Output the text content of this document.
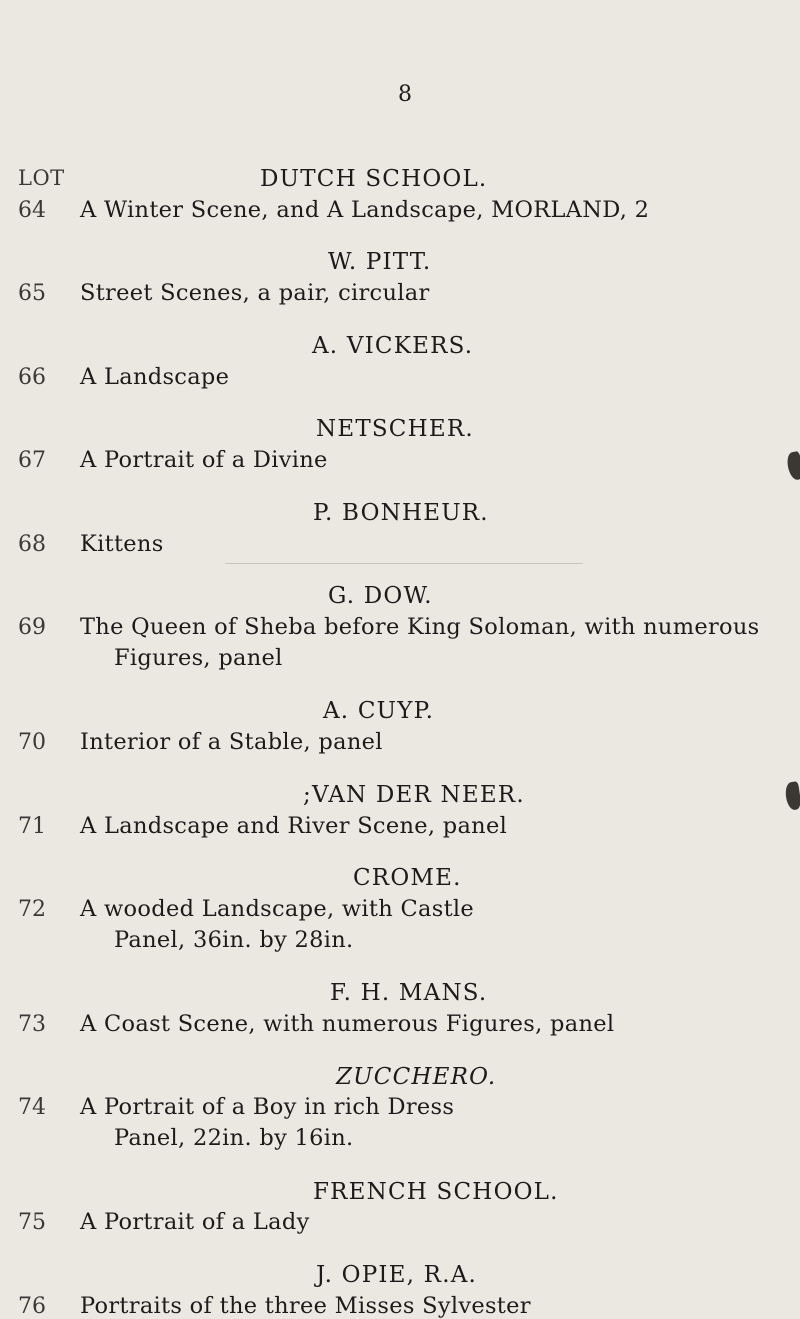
8
LOT	DUTCH SCHOOL.
64 A Winter Scene, and A Landscape, MORLAND, 2
W. PITT.
65 Street Scenes, a pair, circular
A. VICKERS.
66 A Landscape
NETSCHER.
67 A Portrait of a Divine
P. BONHEUR.
68 Kittens
G. DOW.
69 The Queen of Sheba before King Soloman, with numerous
Figures, panel
A. CUYP.
70 Interior of a Stable, panel
;VAN DER NEER.
71 A Landscape and River Scene, panel
CROME.
72 A wooded Landscape, with Castle
Panel, 36in. by 28in.
F. H. MANS.
73 A Coast Scene, with numerous Figures, panel
ZUCCHERO.
74 A Portrait of a Boy in rich Dress
Panel, 22in. by 16in.
FRENCH SCHOOL.
75 A Portrait of a Lady
J. OPIE, R.A.
76 Portraits of the three Misses Sylvester
